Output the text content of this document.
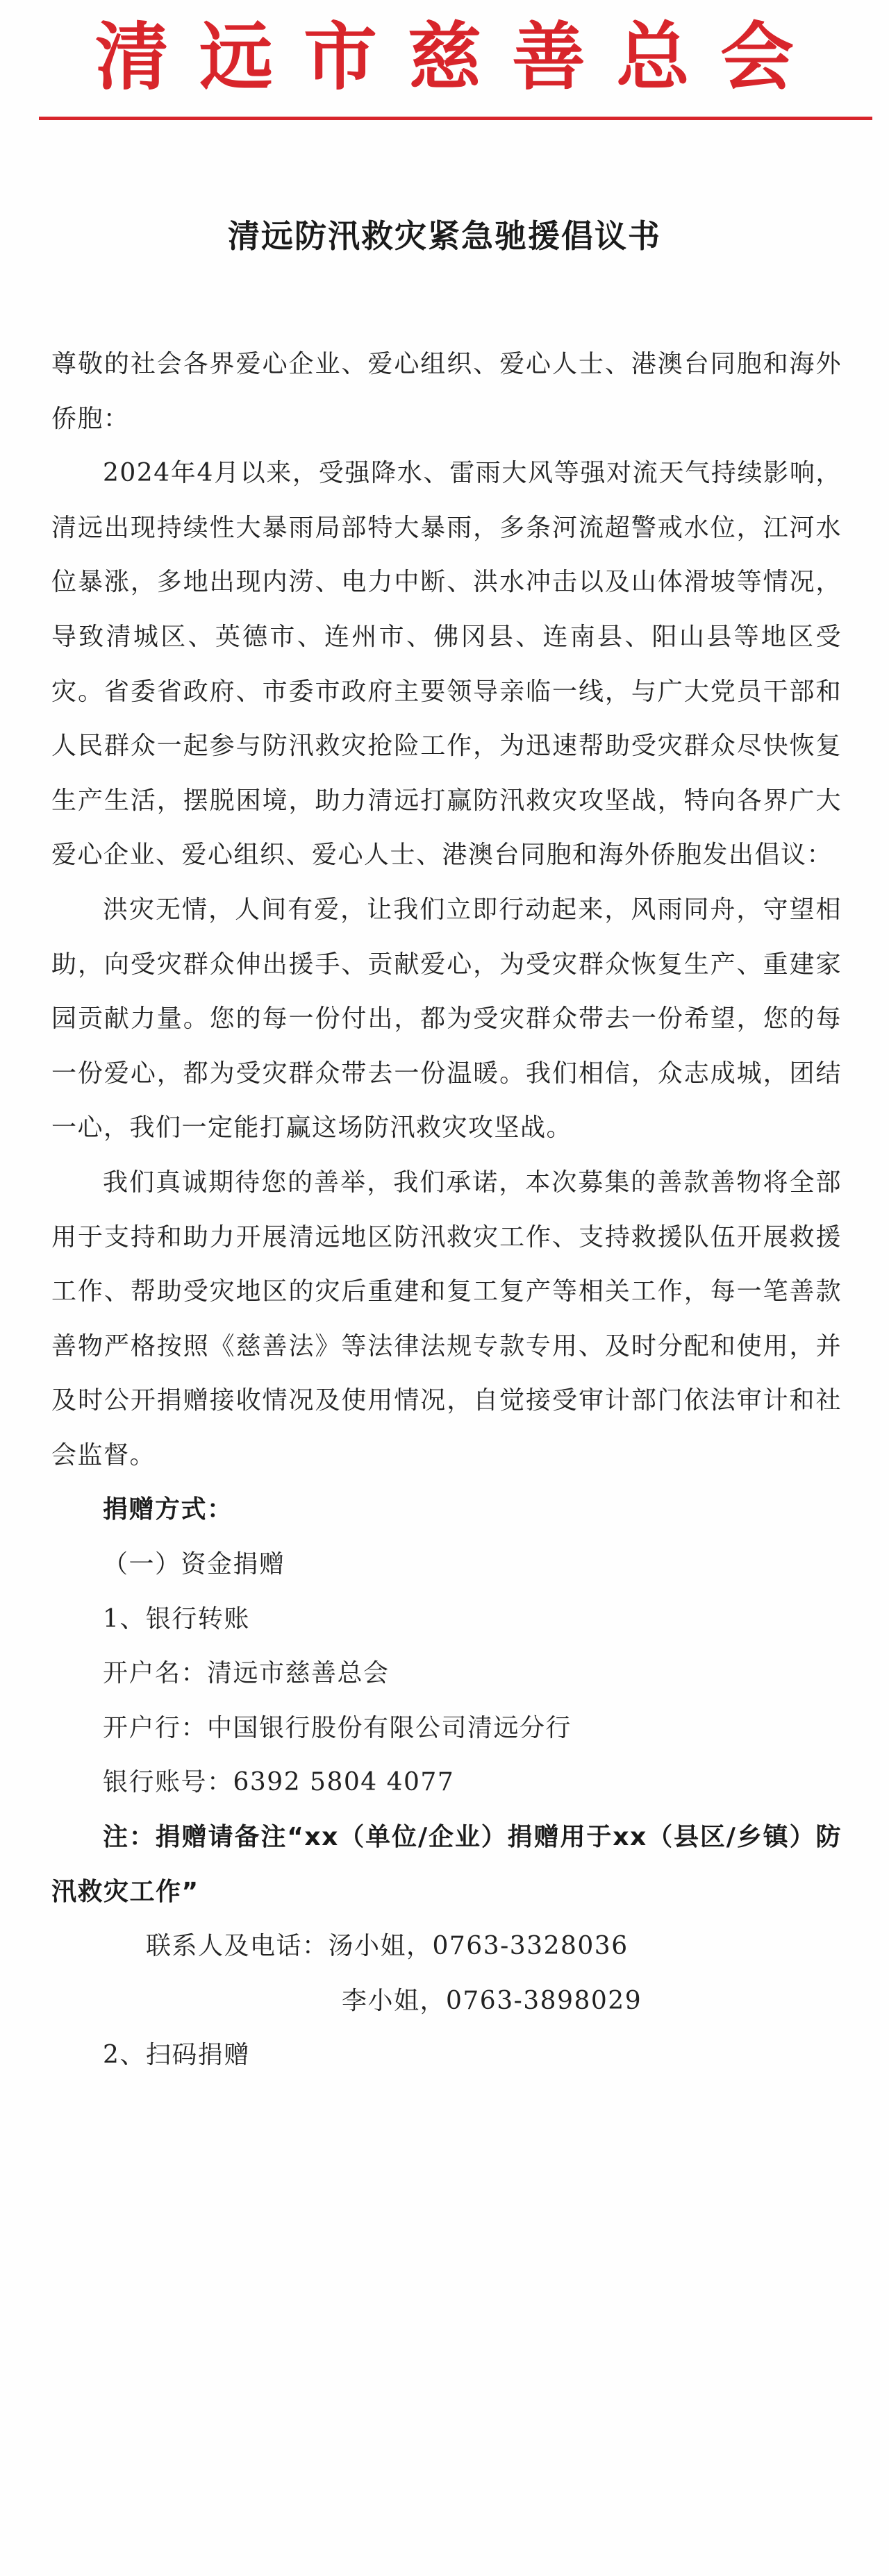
清远市慈善总会
清远防汛救灾紧急驰援倡议书

尊敬的社会各界爱心企业、爱心组织、爱心人士、港澳台同胞和海外侨胞：

2024年4月以来，受强降水、雷雨大风等强对流天气持续影响，清远出现持续性大暴雨局部特大暴雨，多条河流超警戒水位，江河水位暴涨，多地出现内涝、电力中断、洪水冲击以及山体滑坡等情况，导致清城区、英德市、连州市、佛冈县、连南县、阳山县等地区受灾。省委省政府、市委市政府主要领导亲临一线，与广大党员干部和人民群众一起参与防汛救灾抢险工作，为迅速帮助受灾群众尽快恢复生产生活，摆脱困境，助力清远打赢防汛救灾攻坚战，特向各界广大爱心企业、爱心组织、爱心人士、港澳台同胞和海外侨胞发出倡议：

洪灾无情，人间有爱，让我们立即行动起来，风雨同舟，守望相助，向受灾群众伸出援手、贡献爱心，为受灾群众恢复生产、重建家园贡献力量。您的每一份付出，都为受灾群众带去一份希望，您的每一份爱心，都为受灾群众带去一份温暖。我们相信，众志成城，团结一心，我们一定能打赢这场防汛救灾攻坚战。

我们真诚期待您的善举，我们承诺，本次募集的善款善物将全部用于支持和助力开展清远地区防汛救灾工作、支持救援队伍开展救援工作、帮助受灾地区的灾后重建和复工复产等相关工作，每一笔善款善物严格按照《慈善法》等法律法规专款专用、及时分配和使用，并及时公开捐赠接收情况及使用情况，自觉接受审计部门依法审计和社会监督。

捐赠方式：

（一）资金捐赠

1、银行转账

开户名：清远市慈善总会

开户行：中国银行股份有限公司清远分行

银行账号：6392 5804 4077

注：捐赠请备注“xx（单位/企业）捐赠用于xx（县区/乡镇）防汛救灾工作”

联系人及电话：汤小姐，0763-3328036

李小姐，0763-3898029

2、扫码捐赠
